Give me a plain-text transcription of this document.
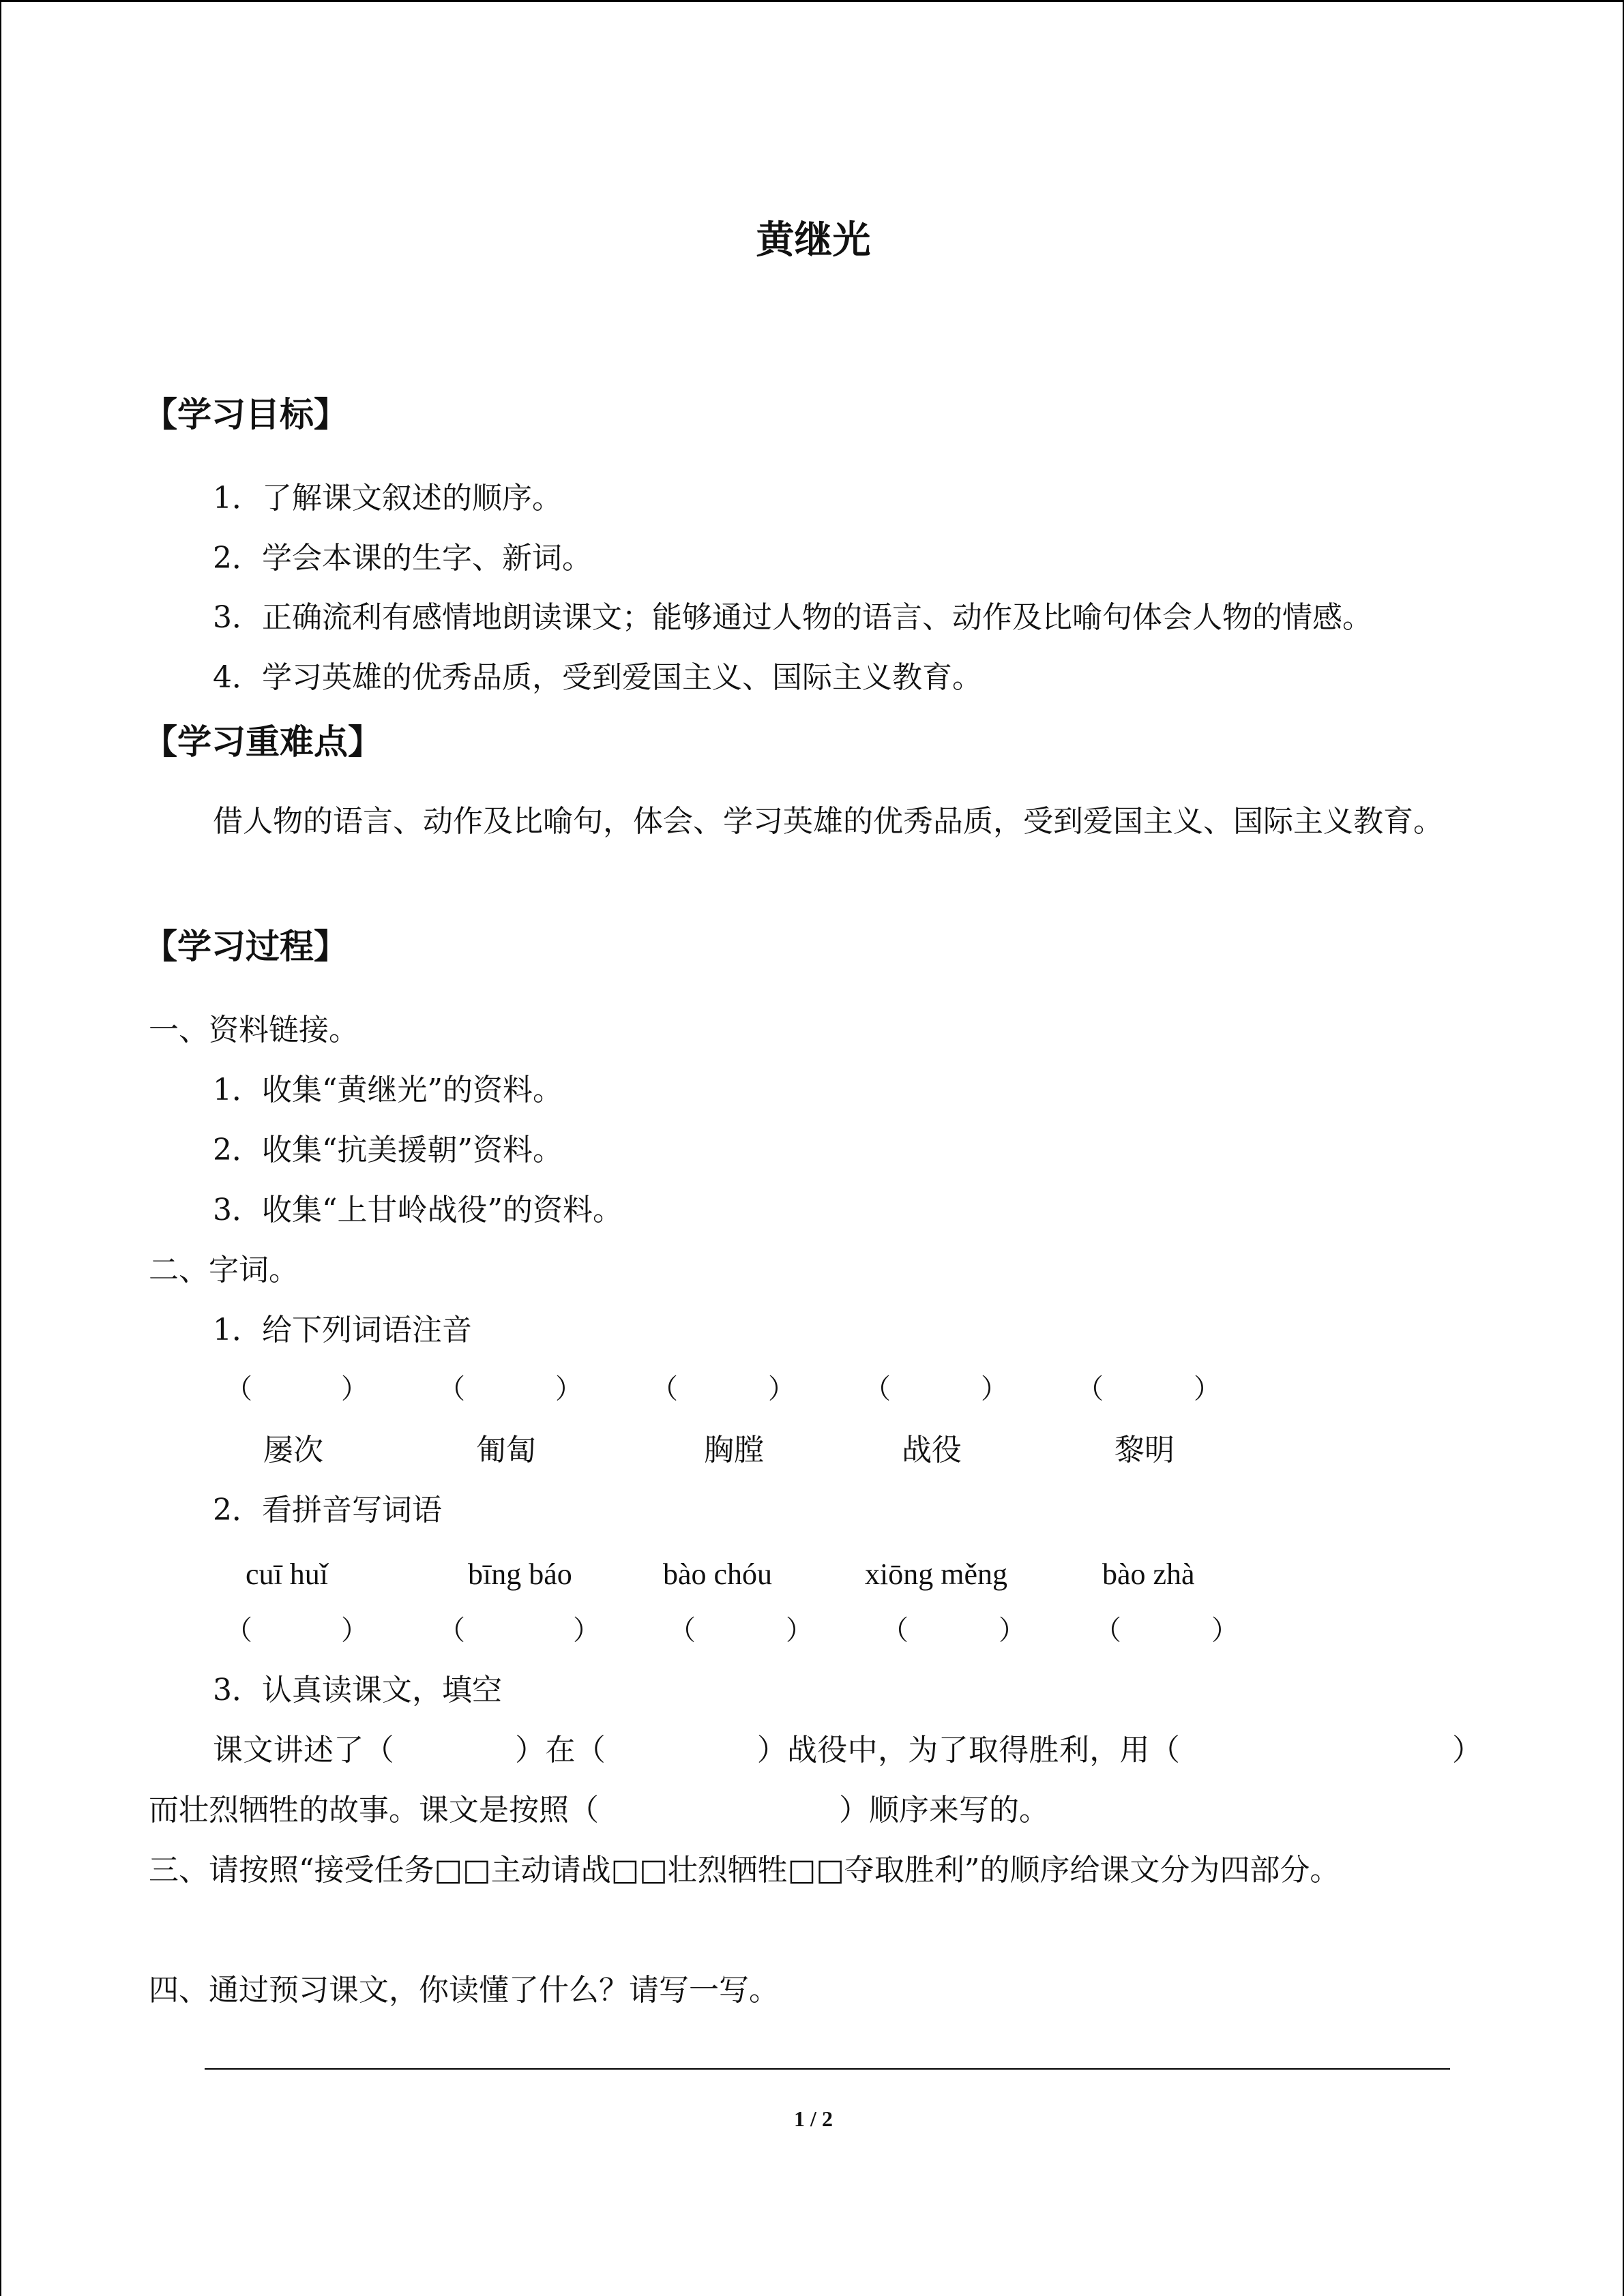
黄继光
【学习目标】
1．了解课文叙述的顺序。
2．学会本课的生字、新词。
3．正确流利有感情地朗读课文；能够通过人物的语言、动作及比喻句体会人物的情感。
4．学习英雄的优秀品质，受到爱国主义、国际主义教育。
【学习重难点】
借人物的语言、动作及比喻句，体会、学习英雄的优秀品质，受到爱国主义、国际主义教育。
【学习过程】
一、资料链接。
1．收集“黄继光”的资料。
2．收集“抗美援朝”资料。
3．收集“上甘岭战役”的资料。
二、字词。
1．给下列词语注音
（	）	（	）	（	）	（	）	（	）
屡次	匍匐	胸膛	战役	黎明
2．看拼音写词语
cuī huǐ	bīng báo	bào chóu	xiōng měng	bào zhà
（	）	（	）	（	）	（	）	（	）
3．认真读课文，填空
课文讲述了（　　　　）在（　　　　　）战役中，为了取得胜利，用（　　　　　　　　　）而壮烈牺牲的故事。课文是按照（　　　　　　　　）顺序来写的。
三、请按照“接受任务□□主动请战□□壮烈牺牲□□夺取胜利”的顺序给课文分为四部分。
四、通过预习课文，你读懂了什么？请写一写。
1 / 2
